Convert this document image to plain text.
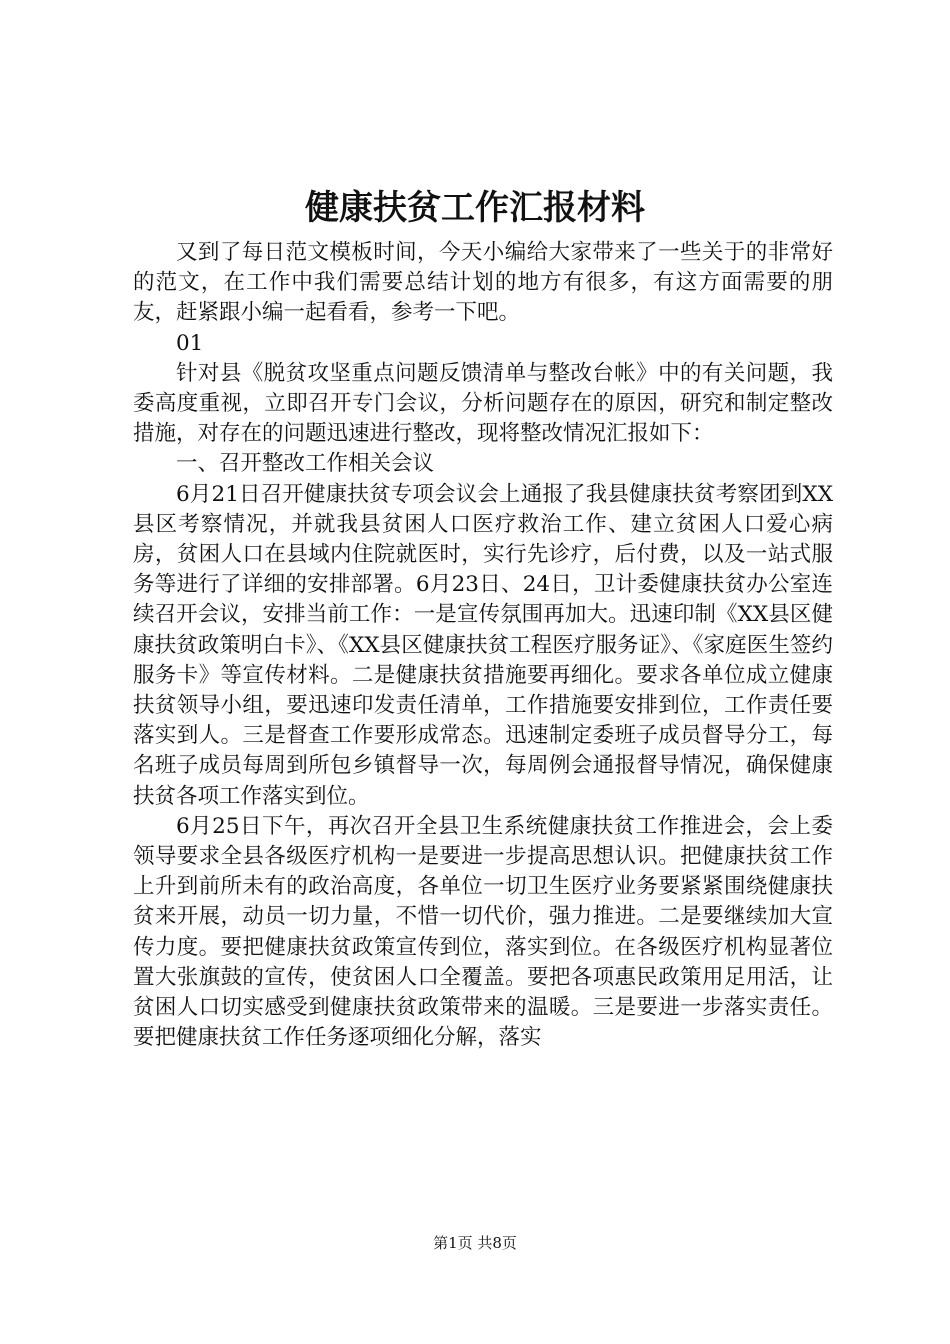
健康扶贫工作汇报材料

又到了每日范文模板时间，今天小编给大家带来了一些关于的非常好的范文，在工作中我们需要总结计划的地方有很多，有这方面需要的朋友，赶紧跟小编一起看看，参考一下吧。

01

针对县《脱贫攻坚重点问题反馈清单与整改台帐》中的有关问题，我委高度重视，立即召开专门会议，分析问题存在的原因，研究和制定整改措施，对存在的问题迅速进行整改，现将整改情况汇报如下：

一、召开整改工作相关会议

6月21日召开健康扶贫专项会议会上通报了我县健康扶贫考察团到XX县区考察情况，并就我县贫困人口医疗救治工作、建立贫困人口爱心病房，贫困人口在县域内住院就医时，实行先诊疗，后付费，以及一站式服务等进行了详细的安排部署。6月23日、24日，卫计委健康扶贫办公室连续召开会议，安排当前工作：一是宣传氛围再加大。迅速印制《XX县区健康扶贫政策明白卡》、《XX县区健康扶贫工程医疗服务证》、《家庭医生签约服务卡》等宣传材料。二是健康扶贫措施要再细化。要求各单位成立健康扶贫领导小组，要迅速印发责任清单，工作措施要安排到位，工作责任要落实到人。三是督查工作要形成常态。迅速制定委班子成员督导分工，每名班子成员每周到所包乡镇督导一次，每周例会通报督导情况，确保健康扶贫各项工作落实到位。

6月25日下午，再次召开全县卫生系统健康扶贫工作推进会，会上委领导要求全县各级医疗机构一是要进一步提高思想认识。把健康扶贫工作上升到前所未有的政治高度，各单位一切卫生医疗业务要紧紧围绕健康扶贫来开展，动员一切力量，不惜一切代价，强力推进。二是要继续加大宣传力度。要把健康扶贫政策宣传到位，落实到位。在各级医疗机构显著位置大张旗鼓的宣传，使贫困人口全覆盖。要把各项惠民政策用足用活，让贫困人口切实感受到健康扶贫政策带来的温暖。三是要进一步落实责任。要把健康扶贫工作任务逐项细化分解，落实

第1页 共8页
